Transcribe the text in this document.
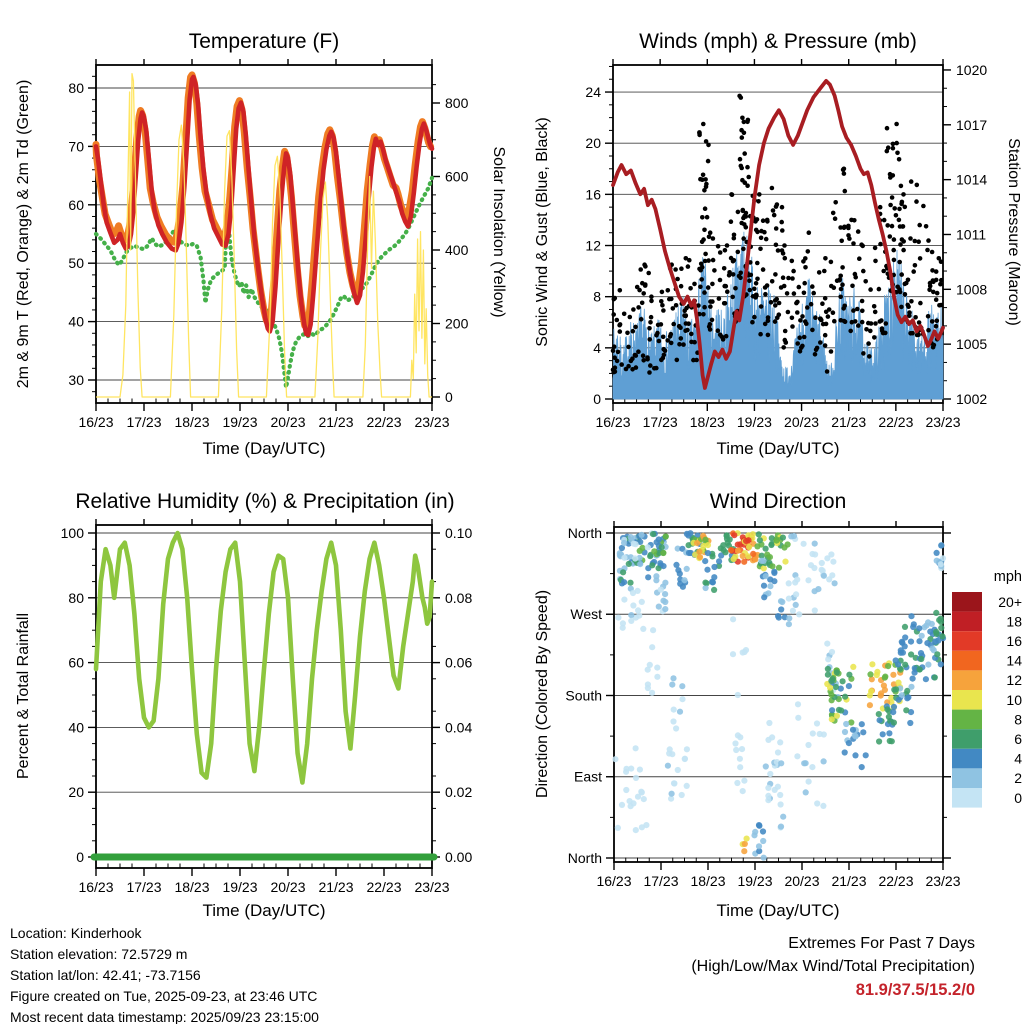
16/23 17/23 18/23 19/23 20/23 21/23 22/23 23/23
30
40
50
60
70
80
0
200
400
600
800
16/23 17/23 18/23 19/23 20/23 21/23 22/23 23/23
0
4
8
12
16
20
24
1002
1005
1008
1011
1014
1017
1020
16/23 17/23 18/23 19/23 20/23 21/23 22/23 23/23
0
20
40
60
80
100
0.00
0.02
0.04
0.06
0.08
0.10
16/23 17/23 18/23 19/23 20/23 21/23 22/23 23/23
North
West
South
East
North
20+
18
16
14
12
10
8
6
4
2
0
Temperature (F)	Winds (mph) & Pressure (mb)
Relative Humidity (%) & Precipitation (in)	Wind Direction
2m & 9m T (Red, Orange) & 2m Td (Green)	Solar Insolation (Yellow) Sonic Wind & Gust (Blue, Black)	Station Pressure (Maroon)
Percent & Total Rainfall	Direction (Colored By Speed)
Time (Day/UTC)	Time (Day/UTC)
Time (Day/UTC)	Time (Day/UTC)
mph
Location: Kinderhook
Station elevation: 72.5729 m
Station lat/lon: 42.41; -73.7156
Figure created on Tue, 2025-09-23, at 23:46 UTC
Most recent data timestamp: 2025/09/23 23:15:00
Extremes For Past 7 Days
(High/Low/Max Wind/Total Precipitation)
81.9/37.5/15.2/0
